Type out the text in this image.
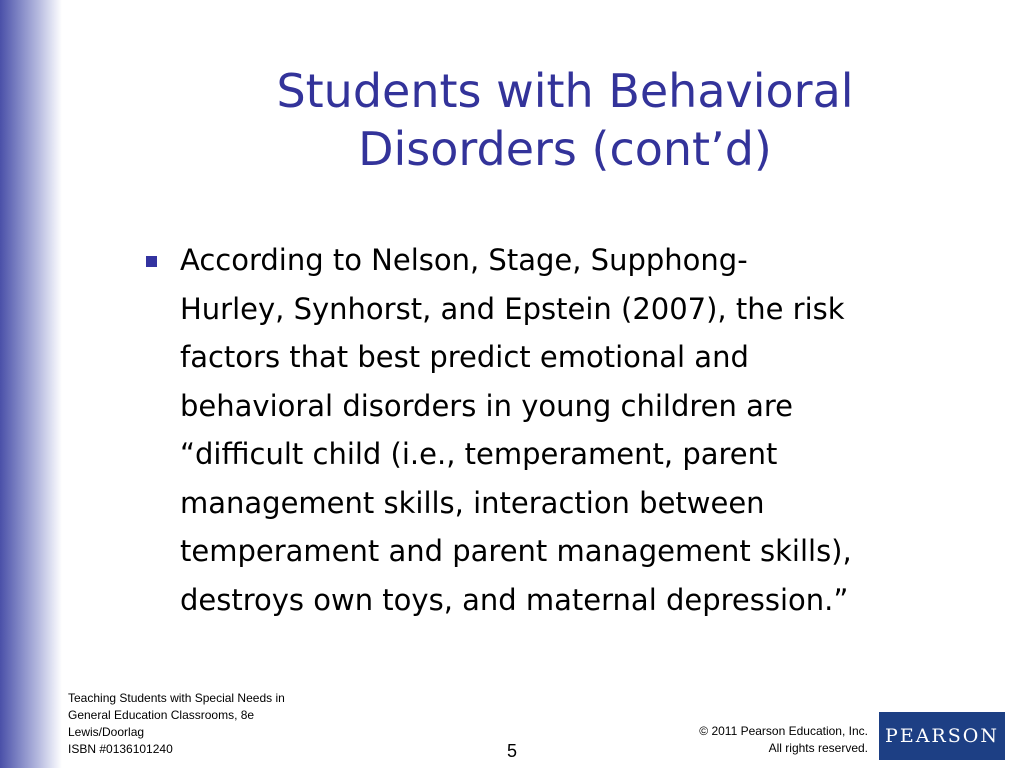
Students with Behavioral
Disorders (cont’d)
According to Nelson, Stage, Supphong-
Hurley, Synhorst, and Epstein (2007), the risk
factors that best predict emotional and
behavioral disorders in young children are
“difficult child (i.e., temperament, parent
management skills, interaction between
temperament and parent management skills),
destroys own toys, and maternal depression.”
Teaching Students with Special Needs in
General Education Classrooms, 8e
Lewis/Doorlag
ISBN #0136101240	5
© 2011 Pearson Education, Inc.
All rights reserved.
PEARSON
